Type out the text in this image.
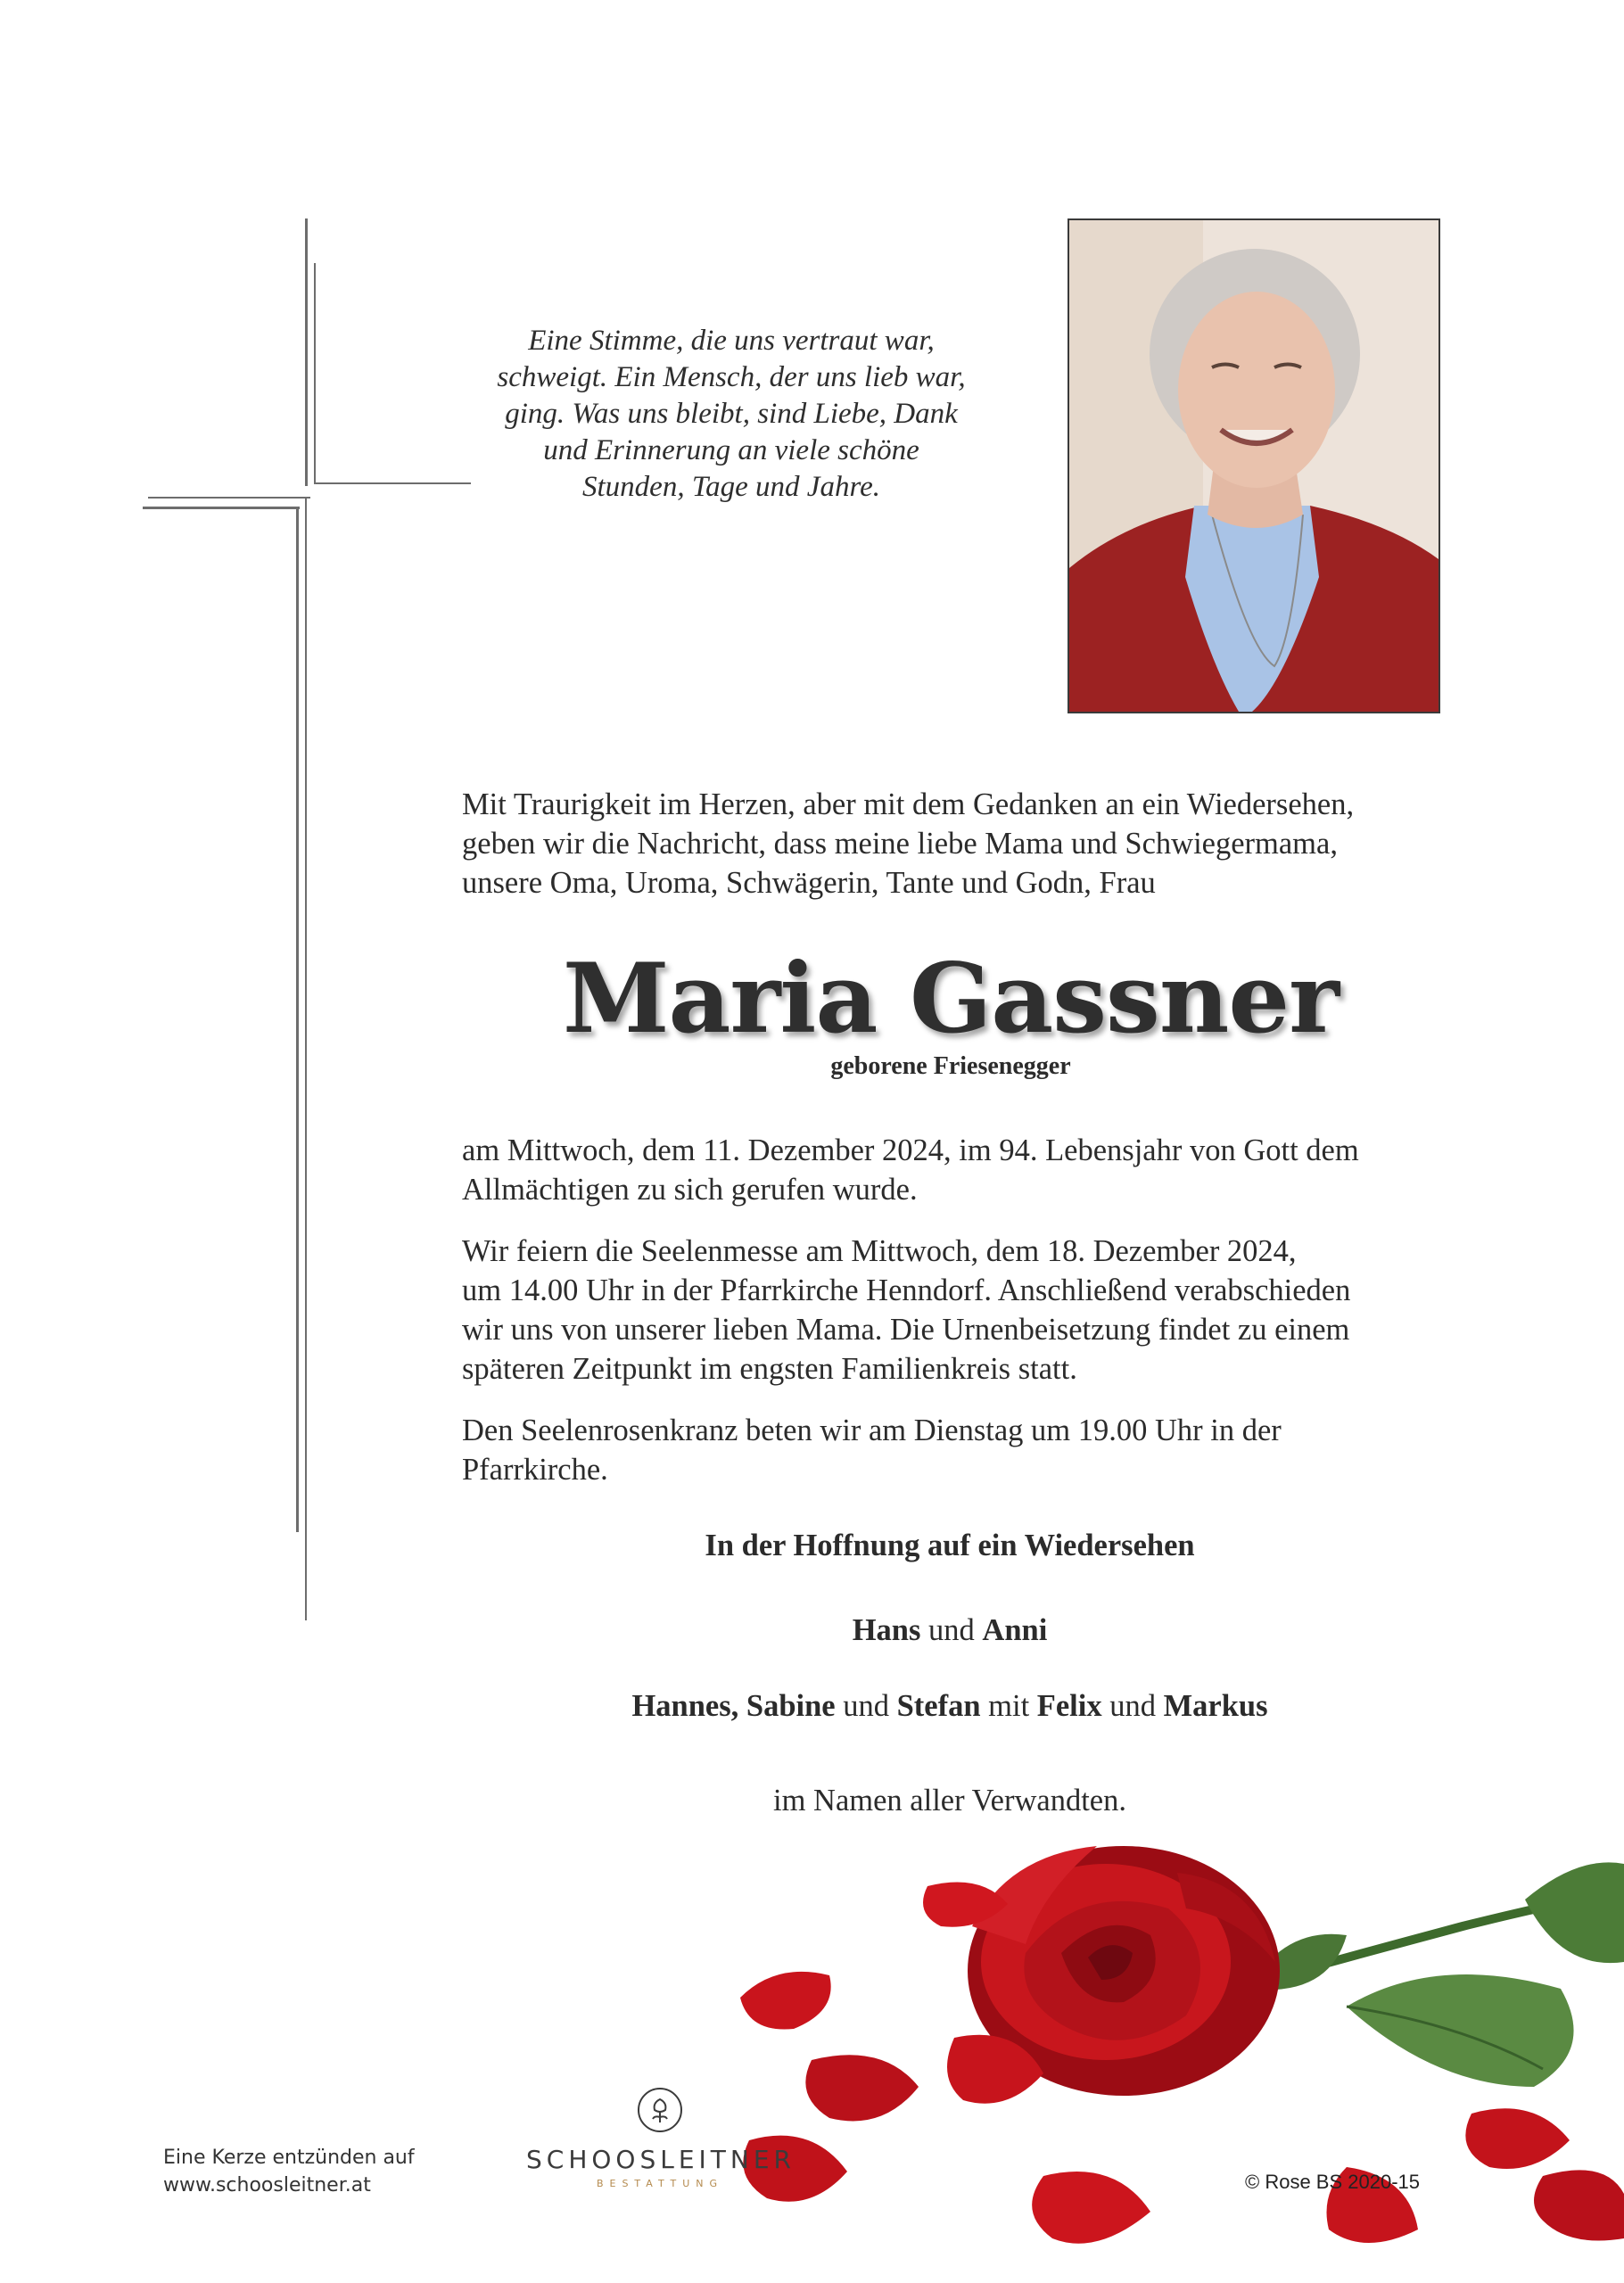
Eine Stimme, die uns vertraut war,
schweigt. Ein Mensch, der uns lieb war,
ging. Was uns bleibt, sind Liebe, Dank
und Erinnerung an viele schöne
Stunden, Tage und Jahre.

Mit Traurigkeit im Herzen, aber mit dem Gedanken an ein Wiedersehen,
geben wir die Nachricht, dass meine liebe Mama und Schwiegermama,
unsere Oma, Uroma, Schwägerin, Tante und Godn, Frau

Maria Gassner

geborene Friesenegger

am Mittwoch, dem 11. Dezember 2024, im 94. Lebensjahr von Gott dem
Allmächtigen zu sich gerufen wurde.

Wir feiern die Seelenmesse am Mittwoch, dem 18. Dezember 2024,
um 14.00 Uhr in der Pfarrkirche Henndorf. Anschließend verabschieden
wir uns von unserer lieben Mama. Die Urnenbeisetzung findet zu einem
späteren Zeitpunkt im engsten Familienkreis statt.

Den Seelenrosenkranz beten wir am Dienstag um 19.00 Uhr in der
Pfarrkirche.

In der Hoffnung auf ein Wiedersehen

Hans und Anni

Hannes, Sabine und Stefan mit Felix und Markus

im Namen aller Verwandten.

Eine Kerze entzünden auf
www.schoosleitner.at

SCHOOSLEITNER
BESTATTUNG	© Rose BS 2020-15
